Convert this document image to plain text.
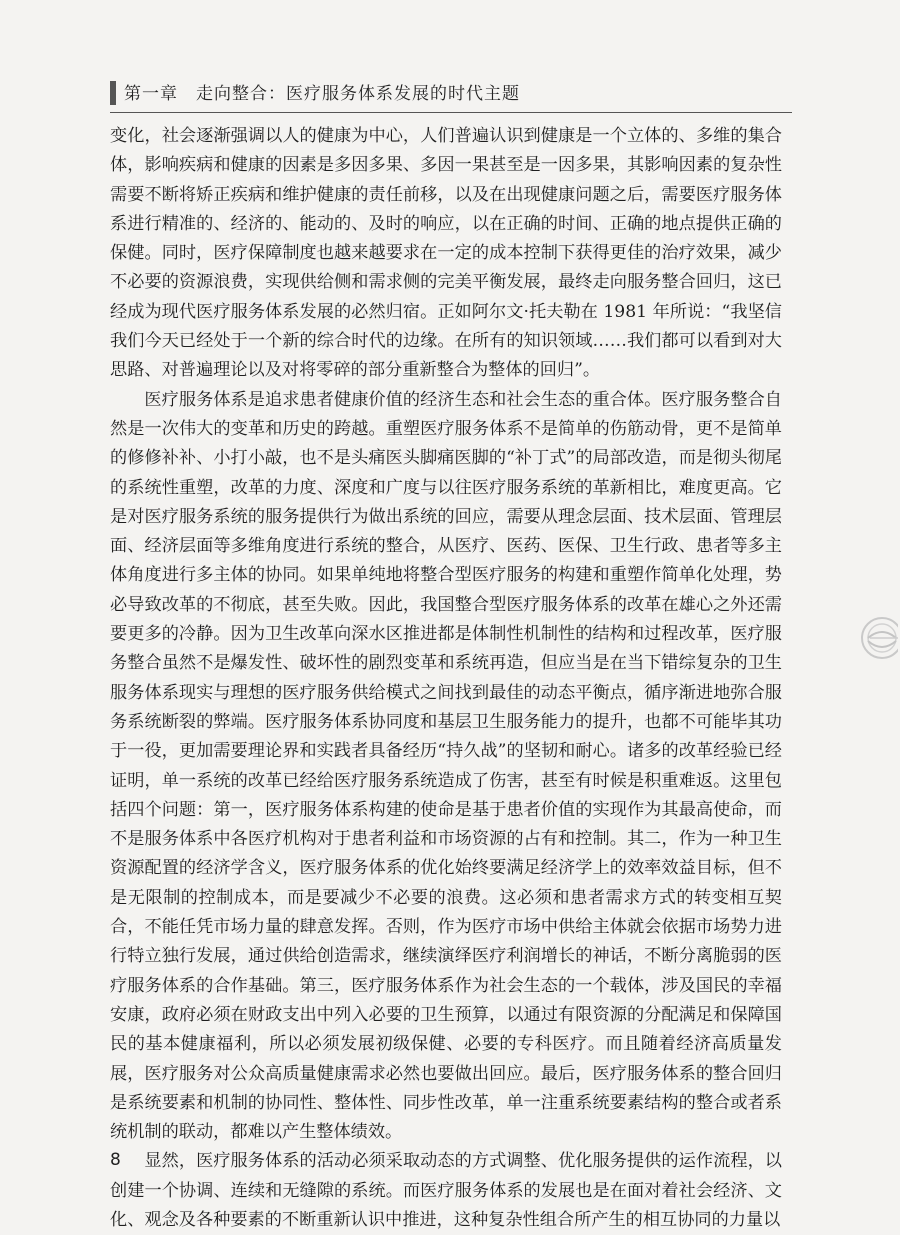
第一章　走向整合：医疗服务体系发展的时代主题

变化，社会逐渐强调以人的健康为中心，人们普遍认识到健康是一个立体的、多维的集合体，影响疾病和健康的因素是多因多果、多因一果甚至是一因多果，其影响因素的复杂性需要不断将矫正疾病和维护健康的责任前移，以及在出现健康问题之后，需要医疗服务体系进行精准的、经济的、能动的、及时的响应，以在正确的时间、正确的地点提供正确的保健。同时，医疗保障制度也越来越要求在一定的成本控制下获得更佳的治疗效果，减少不必要的资源浪费，实现供给侧和需求侧的完美平衡发展，最终走向服务整合回归，这已经成为现代医疗服务体系发展的必然归宿。正如阿尔文·托夫勒在 1981 年所说：“我坚信我们今天已经处于一个新的综合时代的边缘。在所有的知识领域……我们都可以看到对大思路、对普遍理论以及对将零碎的部分重新整合为整体的回归”。

医疗服务体系是追求患者健康价值的经济生态和社会生态的重合体。医疗服务整合自然是一次伟大的变革和历史的跨越。重塑医疗服务体系不是简单的伤筋动骨，更不是简单的修修补补、小打小敲，也不是头痛医头脚痛医脚的“补丁式”的局部改造，而是彻头彻尾的系统性重塑，改革的力度、深度和广度与以往医疗服务系统的革新相比，难度更高。它是对医疗服务系统的服务提供行为做出系统的回应，需要从理念层面、技术层面、管理层面、经济层面等多维角度进行系统的整合，从医疗、医药、医保、卫生行政、患者等多主体角度进行多主体的协同。如果单纯地将整合型医疗服务的构建和重塑作简单化处理，势必导致改革的不彻底，甚至失败。因此，我国整合型医疗服务体系的改革在雄心之外还需要更多的冷静。因为卫生改革向深水区推进都是体制性机制性的结构和过程改革，医疗服务整合虽然不是爆发性、破坏性的剧烈变革和系统再造，但应当是在当下错综复杂的卫生服务体系现实与理想的医疗服务供给模式之间找到最佳的动态平衡点，循序渐进地弥合服务系统断裂的弊端。医疗服务体系协同度和基层卫生服务能力的提升，也都不可能毕其功于一役，更加需要理论界和实践者具备经历“持久战”的坚韧和耐心。诸多的改革经验已经证明，单一系统的改革已经给医疗服务系统造成了伤害，甚至有时候是积重难返。这里包括四个问题：第一，医疗服务体系构建的使命是基于患者价值的实现作为其最高使命，而不是服务体系中各医疗机构对于患者利益和市场资源的占有和控制。其二，作为一种卫生资源配置的经济学含义，医疗服务体系的优化始终要满足经济学上的效率效益目标，但不是无限制的控制成本，而是要减少不必要的浪费。这必须和患者需求方式的转变相互契合，不能任凭市场力量的肆意发挥。否则，作为医疗市场中供给主体就会依据市场势力进行特立独行发展，通过供给创造需求，继续演绎医疗利润增长的神话，不断分离脆弱的医疗服务体系的合作基础。第三，医疗服务体系作为社会生态的一个载体，涉及国民的幸福安康，政府必须在财政支出中列入必要的卫生预算，以通过有限资源的分配满足和保障国民的基本健康福利，所以必须发展初级保健、必要的专科医疗。而且随着经济高质量发展，医疗服务对公众高质量健康需求必然也要做出回应。最后，医疗服务体系的整合回归是系统要素和机制的协同性、整体性、同步性改革，单一注重系统要素结构的整合或者系统机制的联动，都难以产生整体绩效。

显然，医疗服务体系的活动必须采取动态的方式调整、优化服务提供的运作流程，以创建一个协调、连续和无缝隙的系统。而医疗服务体系的发展也是在面对着社会经济、文化、观念及各种要素的不断重新认识中推进，这种复杂性组合所产生的相互协同的力量以

8
